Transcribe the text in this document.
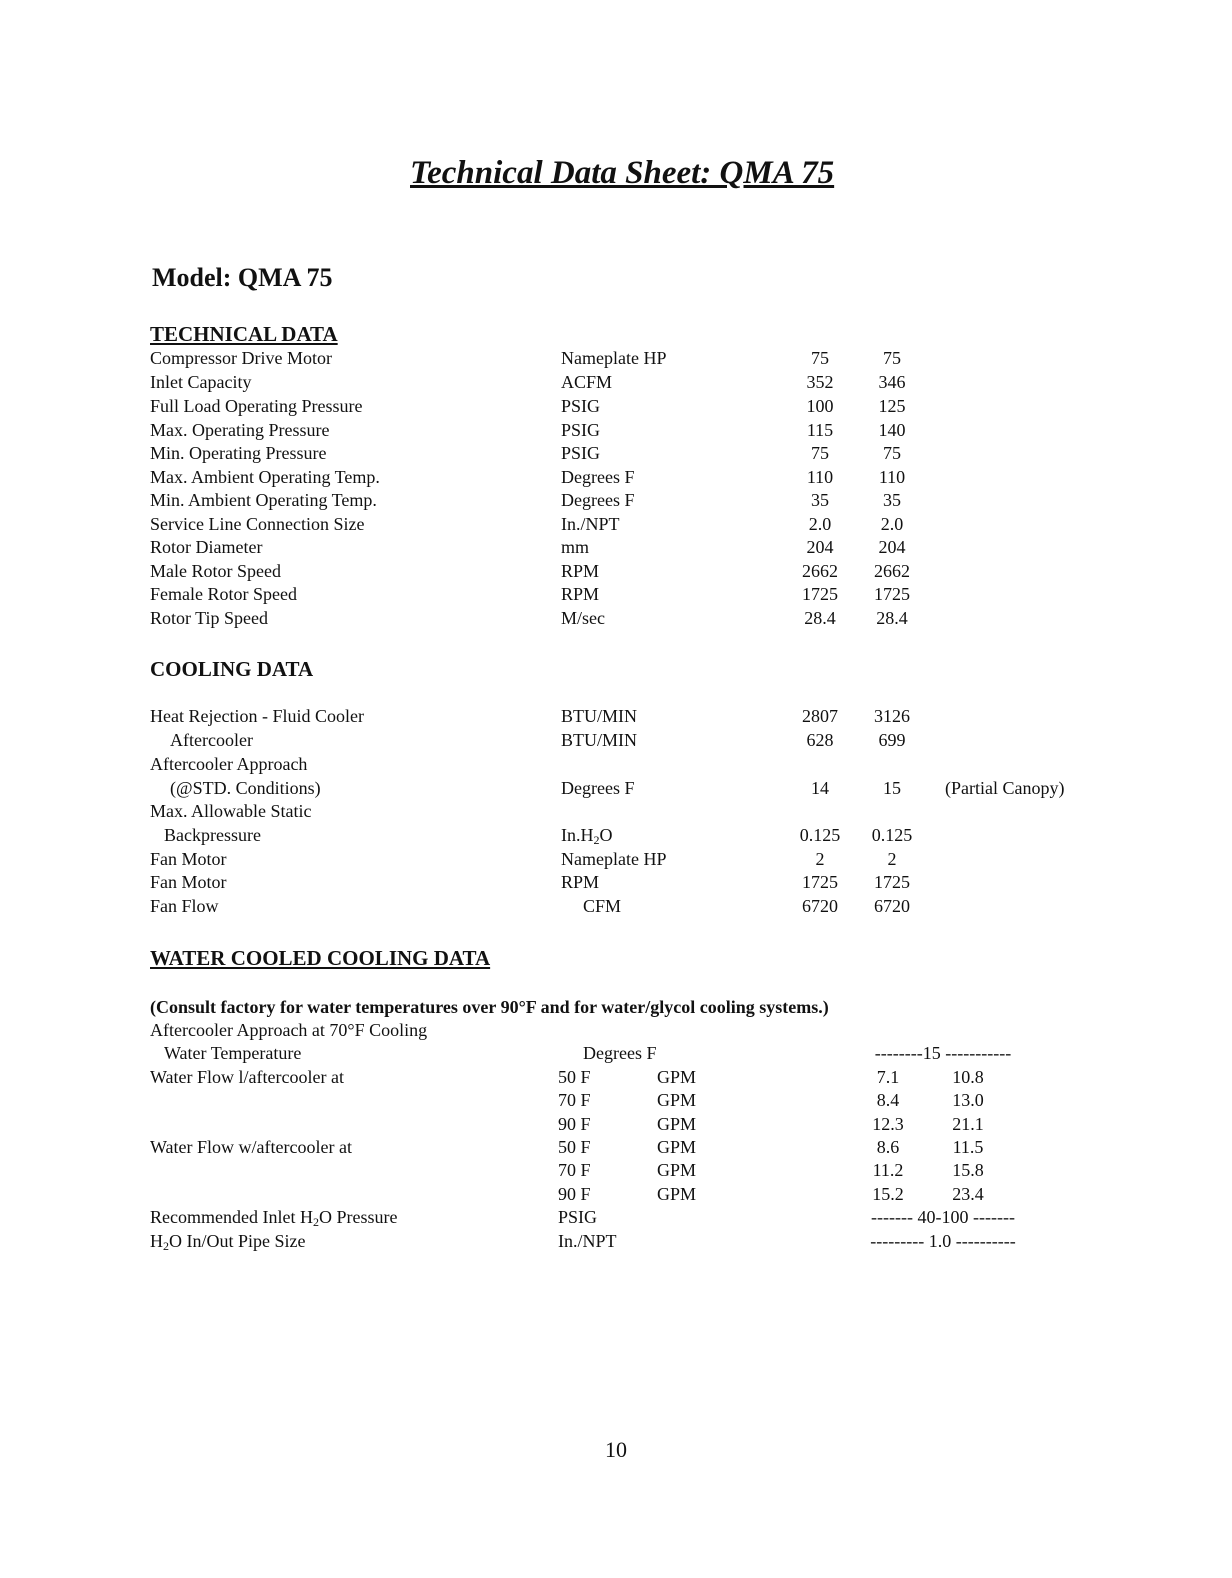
Technical Data Sheet: QMA 75
Model: QMA 75
TECHNICAL DATA
Compressor Drive Motor	Nameplate HP	75	75
Inlet Capacity	ACFM	352	346
Full Load Operating Pressure	PSIG	100	125
Max. Operating Pressure	PSIG	115	140
Min. Operating Pressure	PSIG	75	75
Max. Ambient Operating Temp.	Degrees F	110	110
Min. Ambient Operating Temp.	Degrees F	35	35
Service Line Connection Size	In./NPT	2.0	2.0
Rotor Diameter	mm	204	204
Male Rotor Speed	RPM	2662	2662
Female Rotor Speed	RPM	1725	1725
Rotor Tip Speed	M/sec	28.4	28.4
COOLING DATA
Heat Rejection - Fluid Cooler	BTU/MIN	2807	3126
Aftercooler	BTU/MIN	628	699
Aftercooler Approach
(@STD. Conditions)	Degrees F	14	15	(Partial Canopy)
Max. Allowable Static
Backpressure	$In.H_2O$	0.125	0.125
Fan Motor	Nameplate HP	2	2
Fan Motor	RPM	1725	1725
Fan Flow	CFM	6720	6720
WATER COOLED COOLING DATA
(Consult factory for water temperatures over 90°F and for water/glycol cooling systems.)
Aftercooler Approach at 70°F Cooling
Water Temperature	Degrees F	--------15 -----------
Water Flow l/aftercooler at	50 F	GPM	7.1	10.8
70 F	GPM	8.4	13.0
90 F	GPM	12.3	21.1
Water Flow w/aftercooler at	50 F	GPM	8.6	11.5
70 F	GPM	11.2	15.8
90 F	GPM	15.2	23.4
Recommended Inlet $H_2O$ Pressure	PSIG	------- 40-100 -------
$H_2O$ In/Out Pipe Size	In./NPT	--------- 1.0 ----------
10
